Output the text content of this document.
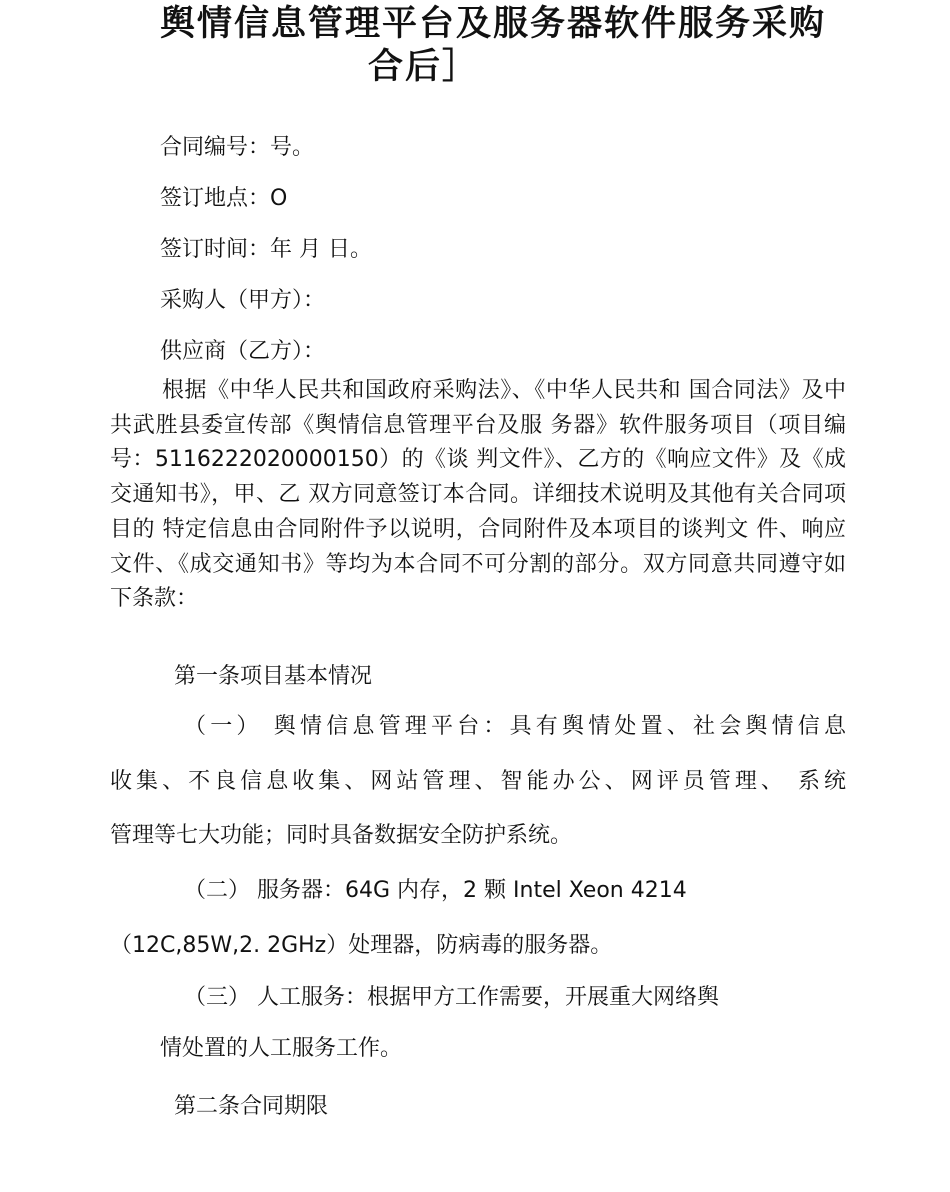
舆情信息管理平台及服务器软件服务采购
合后］
合同编号：号。
签订地点：O
签订时间：年 月 日。
采购人（甲方）：
供应商（乙方）：
根据《中华人民共和国政府采购法》、《中华人民共和 国合同法》及中共武胜县委宣传部《舆情信息管理平台及服 务器》软件服务项目（项目编号：5116222020000150）的《谈 判文件》、乙方的《响应文件》及《成交通知书》，甲、乙 双方同意签订本合同。详细技术说明及其他有关合同项目的 特定信息由合同附件予以说明，合同附件及本项目的谈判文 件、响应文件、《成交通知书》等均为本合同不可分割的部分。双方同意共同遵守如下条款：
第一条项目基本情况
（一） 舆情信息管理平台：具有舆情处置、社会舆情信息
收集、不良信息收集、网站管理、智能办公、网评员管理、 系统
管理等七大功能；同时具备数据安全防护系统。
（二） 服务器：64G 内存，2 颗 Intel Xeon 4214
（12C,85W,2. 2GHz）处理器，防病毒的服务器。
（三） 人工服务：根据甲方工作需要，开展重大网络舆
情处置的人工服务工作。
第二条合同期限
